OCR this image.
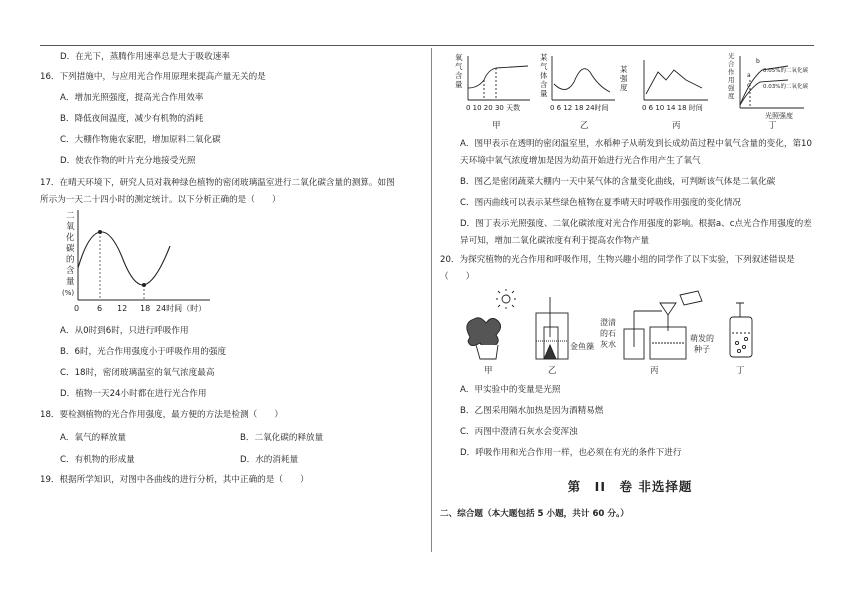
D．在光下，蒸腾作用速率总是大于吸收速率

16．下列措施中，与应用光合作用原理来提高产量无关的是

A．增加光照强度，提高光合作用效率

B．降低夜间温度，减少有机物的消耗

C．大棚作物施农家肥，增加原料二氧化碳

D．使农作物的叶片充分地接受光照

17．在晴天环境下，研究人员对栽种绿色植物的密闭玻璃温室进行二氧化碳含量的测算。如图

所示为一天二十四小时的测定统计。以下分析正确的是（　　）

二
氧
化
碳
的
含
量
(%)
0 6 12 18 24时间（时）

A．从0时到6时，只进行呼吸作用

B．6时，光合作用强度小于呼吸作用的强度

C．18时，密闭玻璃温室的氧气浓度最高

D．植物一天24小时都在进行光合作用

18．要检测植物的光合作用强度，最方便的方法是检测（　　）

A．氧气的释放量	B．二氧化碳的释放量
C．有机物的形成量	D．水的消耗量

19．根据所学知识，对图中各曲线的进行分析，其中正确的是（　　）

氧
气
含
量
0 10 20 30 天数
某
气
体
含
量
0 6 12 18 24时间
某
强
度
0 6 10 14 18 时间
光
合
作
用
强
度
b
a
c
0.05%的二氧化碳
0.03%的二氧化碳
光照强度
甲	乙	丙	丁

A．图甲表示在透明的密闭温室里，水稻种子从萌发到长成幼苗过程中氧气含量的变化，第10天环境中氧气浓度增加是因为幼苗开始进行光合作用产生了氧气

B．图乙是密闭蔬菜大棚内一天中某气体的含量变化曲线，可判断该气体是二氧化碳

C．图丙曲线可以表示某些绿色植物在夏季晴天时呼吸作用强度的变化情况

D．图丁表示光照强度、二氧化碳浓度对光合作用强度的影响。根据a、c点光合作用强度的差异可知，增加二氧化碳浓度有利于提高农作物产量

20．为探究植物的光合作用和呼吸作用，生物兴趣小组的同学作了以下实验，下列叙述错误是

（　　）

金鱼藻
澄清
的石
灰水
萌发的
种子
甲	乙	丙	丁

A．甲实验中的变量是光照

B．乙图采用隔水加热是因为酒精易燃

C．丙图中澄清石灰水会变浑浊

D．呼吸作用和光合作用一样，也必须在有光的条件下进行

第　II　卷 非选择题

二、综合题（本大题包括 5 小题，共计 60 分。）
